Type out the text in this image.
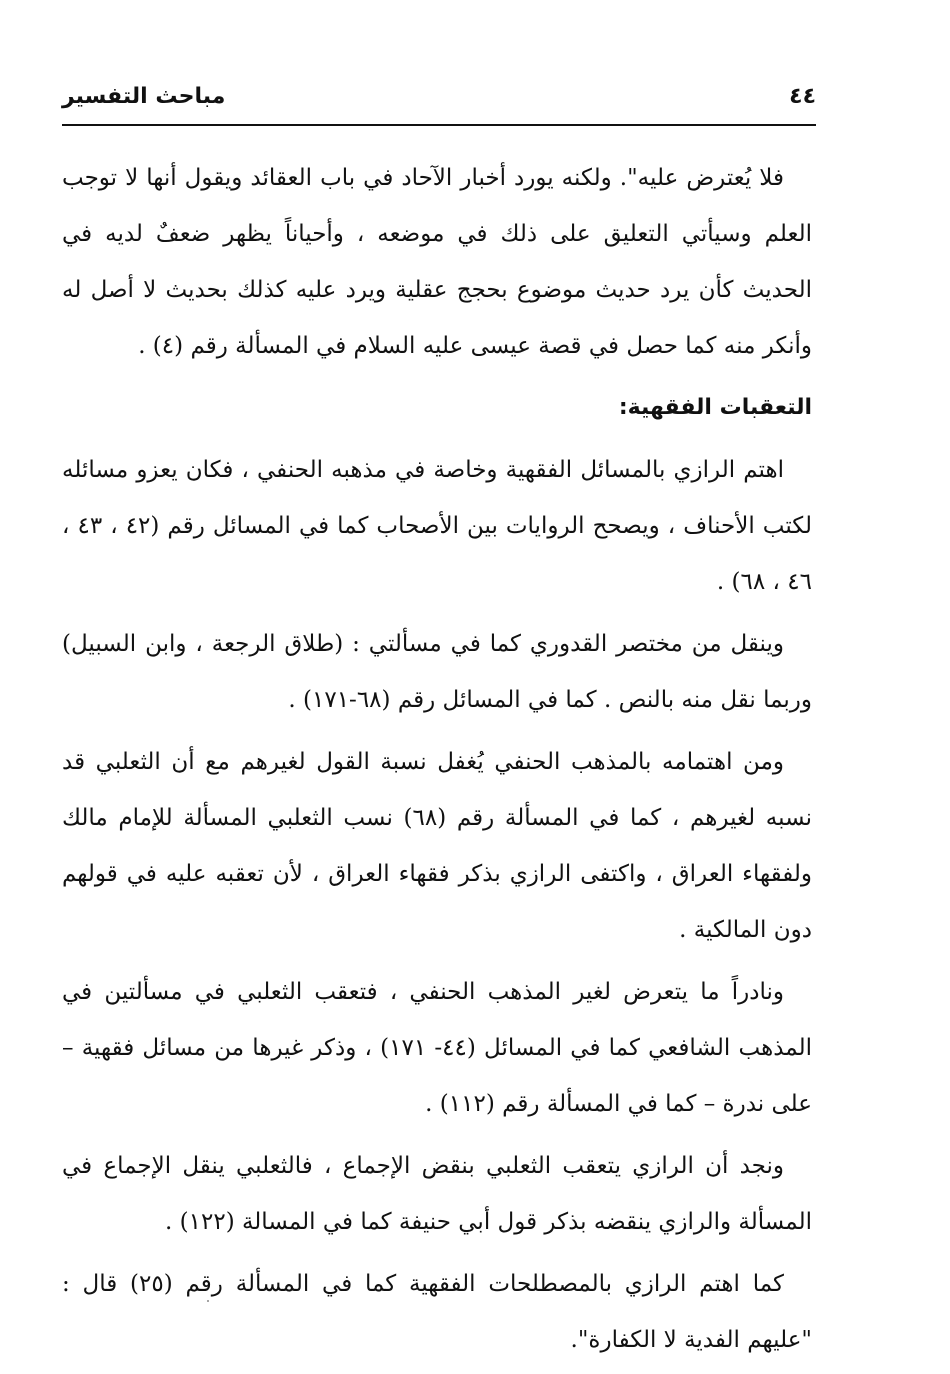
مباحث التفسير	٤٤

فلا يُعترض عليه". ولكنه يورد أخبار الآحاد في باب العقائد ويقول أنها لا توجب العلم وسيأتي التعليق على ذلك في موضعه ، وأحياناً يظهر ضعفٌ لديه في الحديث كأن يرد حديث موضوع بحجج عقلية ويرد عليه كذلك بحديث لا أصل له وأنكر منه كما حصل في قصة عيسى عليه السلام في المسألة رقم (٤) .

التعقبات الفقهية:

اهتم الرازي بالمسائل الفقهية وخاصة في مذهبه الحنفي ، فكان يعزو مسائله لكتب الأحناف ، ويصحح الروايات بين الأصحاب كما في المسائل رقم (٤٢ ، ٤٣ ، ٤٦ ، ٦٨) .

وينقل من مختصر القدوري كما في مسألتي : (طلاق الرجعة ، وابن السبيل) وربما نقل منه بالنص . كما في المسائل رقم (٦٨-١٧١) .

ومن اهتمامه بالمذهب الحنفي يُغفل نسبة القول لغيرهم مع أن الثعلبي قد نسبه لغيرهم ، كما في المسألة رقم (٦٨) نسب الثعلبي المسألة للإمام مالك ولفقهاء العراق ، واكتفى الرازي بذكر فقهاء العراق ، لأن تعقبه عليه في قولهم دون المالكية .

ونادراً ما يتعرض لغير المذهب الحنفي ، فتعقب الثعلبي في مسألتين في المذهب الشافعي كما في المسائل (٤٤- ١٧١) ، وذكر غيرها من مسائل فقهية – على ندرة – كما في المسألة رقم (١١٢) .

ونجد أن الرازي يتعقب الثعلبي بنقض الإجماع ، فالثعلبي ينقل الإجماع في المسألة والرازي ينقضه بذكر قول أبي حنيفة كما في المسالة (١٢٢) .

كما اهتم الرازي بالمصطلحات الفقهية كما في المسألة رقم (٢٥) قال : "عليهم الفدية لا الكفارة".
